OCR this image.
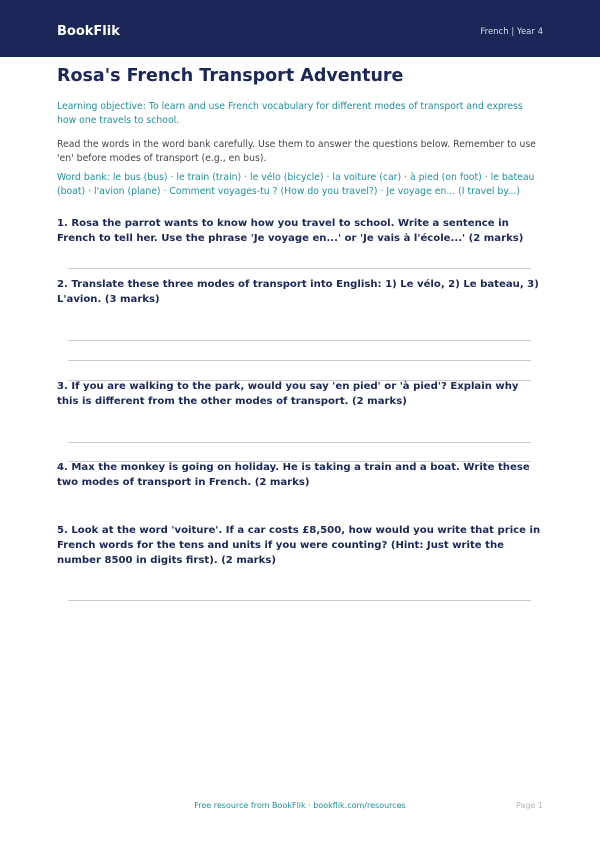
BookFlik	French | Year 4
Rosa's French Transport Adventure

Learning objective: To learn and use French vocabulary for different modes of transport and express how one travels to school.

Read the words in the word bank carefully. Use them to answer the questions below. Remember to use 'en' before modes of transport (e.g., en bus).

Word bank: le bus (bus) · le train (train) · le vélo (bicycle) · la voiture (car) · à pied (on foot) · le bateau (boat) · l'avion (plane) · Comment voyages-tu ? (How do you travel?) · Je voyage en... (I travel by...)

1. Rosa the parrot wants to know how you travel to school. Write a sentence in French to tell her. Use the phrase 'Je voyage en...' or 'Je vais à l'école...' (2 marks)

2. Translate these three modes of transport into English: 1) Le vélo, 2) Le bateau, 3) L'avion. (3 marks)

3. If you are walking to the park, would you say 'en pied' or 'à pied'? Explain why this is different from the other modes of transport. (2 marks)

4. Max the monkey is going on holiday. He is taking a train and a boat. Write these two modes of transport in French. (2 marks)

5. Look at the word 'voiture'. If a car costs £8,500, how would you write that price in French words for the tens and units if you were counting? (Hint: Just write the number 8500 in digits first). (2 marks)

Free resource from BookFlik · bookflik.com/resources	Page 1
